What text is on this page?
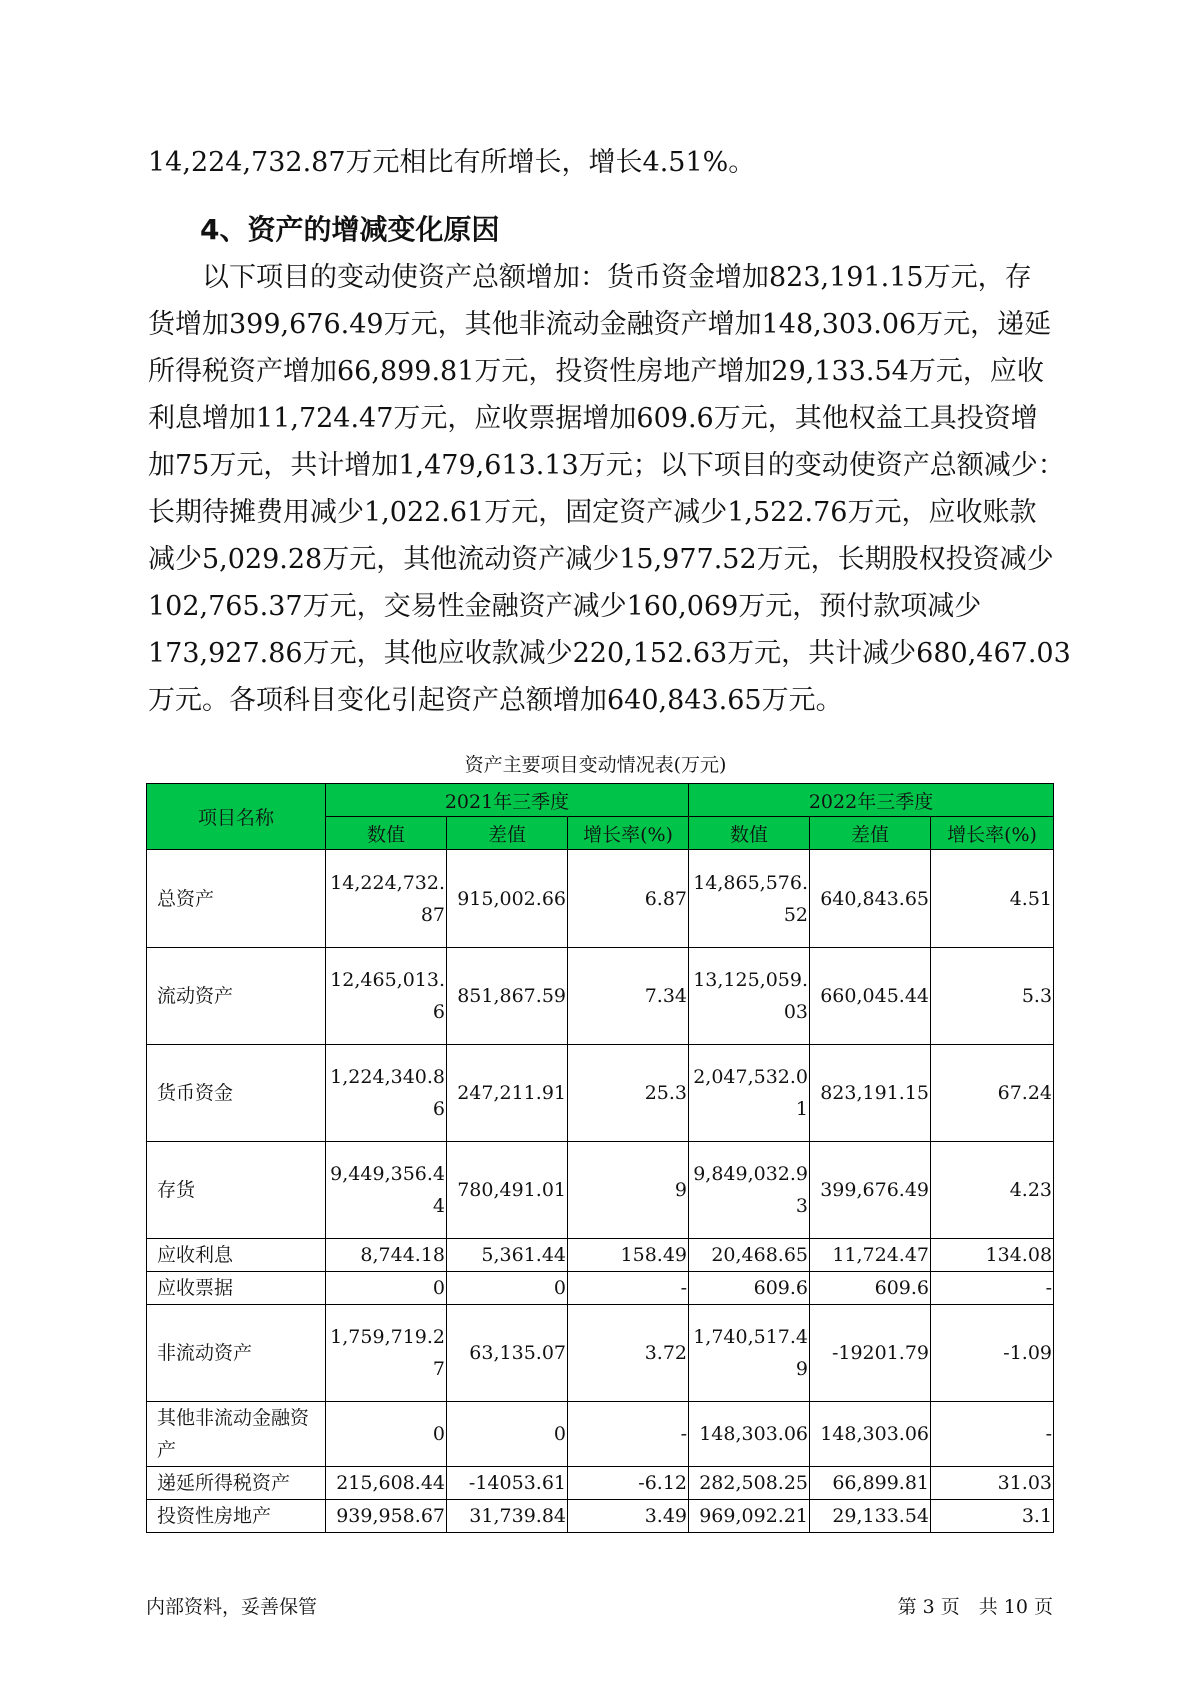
14,224,732.87万元相比有所增长，增长4.51%。
4、资产的增减变化原因
　　以下项目的变动使资产总额增加：货币资金增加823,191.15万元，存
货增加399,676.49万元，其他非流动金融资产增加148,303.06万元，递延
所得税资产增加66,899.81万元，投资性房地产增加29,133.54万元，应收
利息增加11,724.47万元，应收票据增加609.6万元，其他权益工具投资增
加75万元，共计增加1,479,613.13万元；以下项目的变动使资产总额减少：
长期待摊费用减少1,022.61万元，固定资产减少1,522.76万元，应收账款
减少5,029.28万元，其他流动资产减少15,977.52万元，长期股权投资减少
102,765.37万元，交易性金融资产减少160,069万元，预付款项减少
173,927.86万元，其他应收款减少220,152.63万元，共计减少680,467.03
万元。各项科目变化引起资产总额增加640,843.65万元。
资产主要项目变动情况表(万元)
项目名称	2021年三季度			2022年三季度		
	数值	差值	增长率(%)	数值	差值	增长率(%)
总资产	14,224,732.87	915,002.66	6.87	14,865,576.52	640,843.65	4.51
流动资产	12,465,013.6	851,867.59	7.34	13,125,059.03	660,045.44	5.3
货币资金	1,224,340.86	247,211.91	25.3	2,047,532.01	823,191.15	67.24
存货	9,449,356.44	780,491.01	9	9,849,032.93	399,676.49	4.23
应收利息	8,744.18	5,361.44	158.49	20,468.65	11,724.47	134.08
应收票据	0	0	-	609.6	609.6	-
非流动资产	1,759,719.27	63,135.07	3.72	1,740,517.49	-19201.79	-1.09
其他非流动金融资产	0	0	-	148,303.06	148,303.06	-
递延所得税资产	215,608.44	-14053.61	-6.12	282,508.25	66,899.81	31.03
投资性房地产	939,958.67	31,739.84	3.49	969,092.21	29,133.54	3.1
内部资料，妥善保管	第 3 页　共 10 页
